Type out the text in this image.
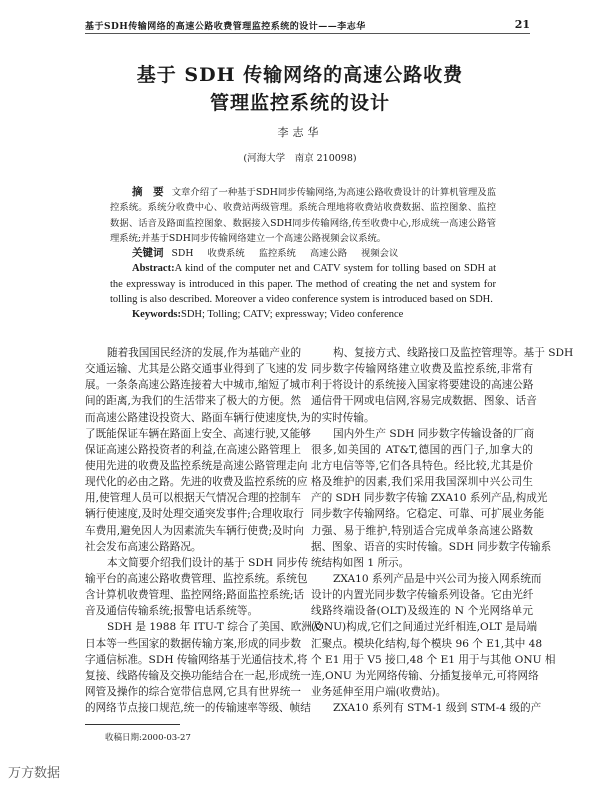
基于SDH传输网络的高速公路收费管理监控系统的设计——李志华	21
基于 SDH 传输网络的高速公路收费
管理监控系统的设计
李志华
(河海大学　南京 210098)

摘　要 文章介绍了一种基于SDH同步传输网络,为高速公路收费设计的计算机管理及监控系统。系统分收费中心、收费站两级管理。系统合理地将收费站收费数据、监控图象、监控数据、话音及路面监控图象、数据接入SDH同步传输网络,传至收费中心,形成统一高速公路管理系统;并基于SDH同步传输网络建立一个高速公路视频会议系统。

关键词 SDH 收费系统 监控系统 高速公路 视频会议

Abstract:A kind of the computer net and CATV system for tolling based on SDH at the expressway is introduced in this paper. The method of creating the net and system for tolling is also described. Moreover a video conference system is introduced based on SDH.

Keywords:SDH; Tolling; CATV; expressway; Video conference

随着我国国民经济的发展,作为基础产业的
交通运输、尤其是公路交通事业得到了飞速的发
展。一条条高速公路连接着大中城市,缩短了城市
间的距离,为我们的生活带来了极大的方便。然
而高速公路建设投资大、路面车辆行使速度快,为
了既能保证车辆在路面上安全、高速行驶,又能够
保证高速公路投资者的利益,在高速公路管理上
使用先进的收费及监控系统是高速公路管理走向
现代化的必由之路。先进的收费及监控系统的应
用,使管理人员可以根据天气情况合理的控制车
辆行使速度,及时处理交通突发事件;合理收取行
车费用,避免因人为因素流失车辆行使费;及时向
社会发布高速公路路况。
本文简要介绍我们设计的基于 SDH 同步传
输平台的高速公路收费管理、监控系统。系统包
含计算机收费管理、监控网络;路面监控系统;话
音及通信传输系统;报警电话系统等。
SDH 是 1988 年 ITU-T 综合了美国、欧洲及
日本等一些国家的数据传输方案,形成的同步数
字通信标准。SDH 传输网络基于光通信技术,将
复接、线路传输及交换功能结合在一起,形成统一
网管及操作的综合宽带信息网,它具有世界统一
的网络节点接口规范,统一的传输速率等级、帧结
构、复接方式、线路接口及监控管理等。基于 SDH
同步数字传输网络建立收费及监控系统,非常有
利于将设计的系统接入国家将要建设的高速公路
通信骨干网或电信网,容易完成数据、图象、话音
的实时传输。
国内外生产 SDH 同步数字传输设备的厂商
很多,如美国的 AT&T,德国的西门子,加拿大的
北方电信等等,它们各具特色。经比较,尤其是价
格及维护的因素,我们采用我国深圳中兴公司生
产的 SDH 同步数字传输 ZXA10 系列产品,构成光
同步数字传输网络。它稳定、可靠、可扩展业务能
力强、易于维护,特别适合完成单条高速公路数
据、图象、语音的实时传输。SDH 同步数字传输系
统结构如图 1 所示。
ZXA10 系列产品是中兴公司为接入网系统而
设计的内置光同步数字传输系列设备。它由光纤
线路终端设备(OLT)及级连的 N 个光网络单元
(ONU)构成,它们之间通过光纤相连,OLT 是局端
汇聚点。模块化结构,每个模块 96 个 E1,其中 48
个 E1 用于 V5 接口,48 个 E1 用于与其他 ONU 相
连,ONU 为光网络传输、分插复接单元,可将网络
业务延伸至用户端(收费站)。
ZXA10 系列有 STM-1 级到 STM-4 级的产
收稿日期:2000-03-27
万方数据
